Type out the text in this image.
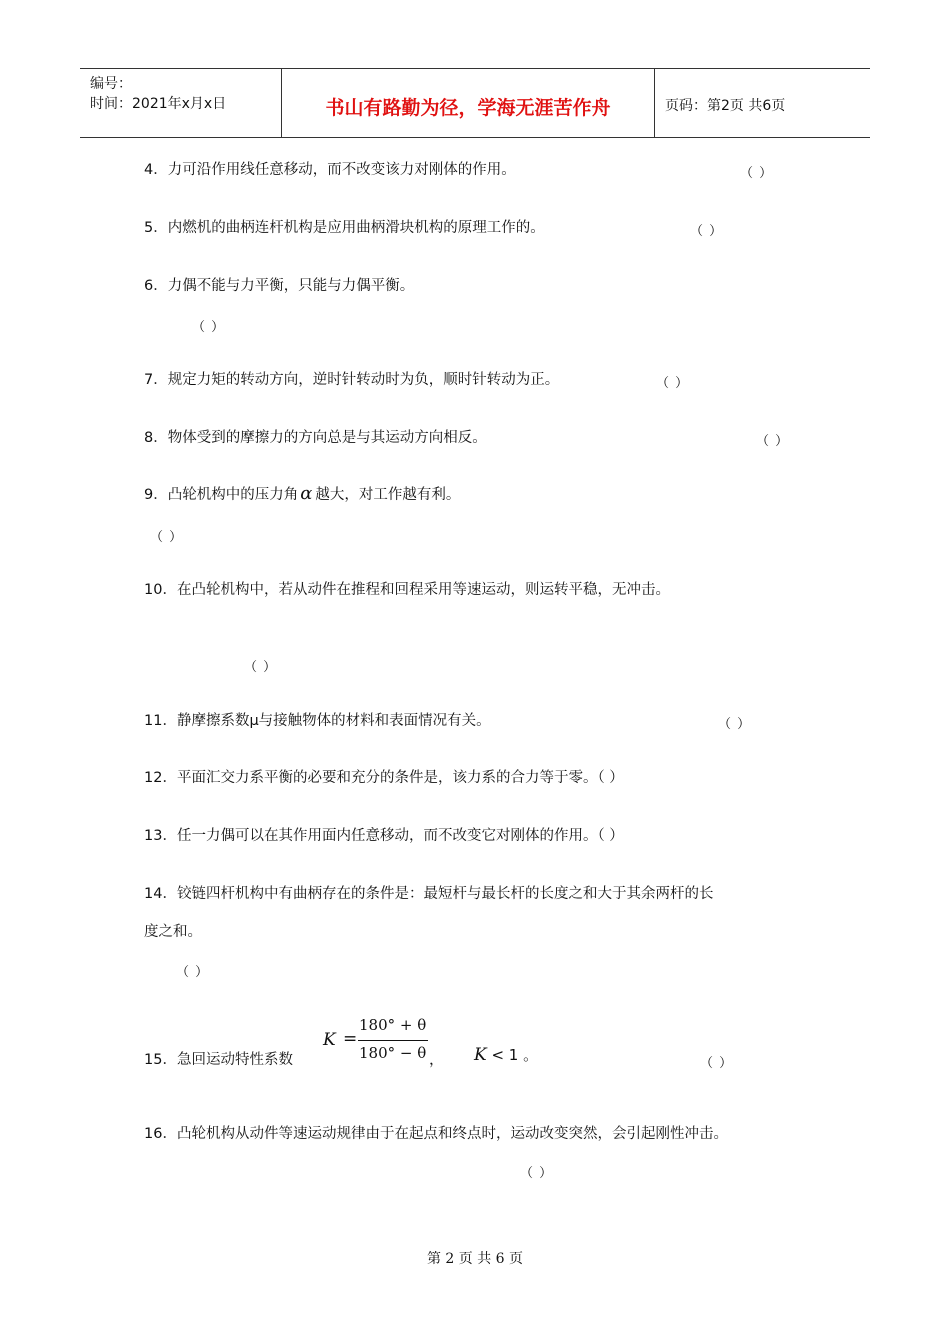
编号：
时间：2021年x月x日	书山有路勤为径，学海无涯苦作舟	页码：第2页 共6页
4．力可沿作用线任意移动，而不改变该力对刚体的作用。	（ ）
5．内燃机的曲柄连杆机构是应用曲柄滑块机构的原理工作的。	（ ）
6．力偶不能与力平衡，只能与力偶平衡。
（ ）
7．规定力矩的转动方向，逆时针转动时为负，顺时针转动为正。	（ ）
8．物体受到的摩擦力的方向总是与其运动方向相反。	（ ）
9．凸轮机构中的压力角 α 越大，对工作越有利。
（ ）
10．在凸轮机构中，若从动件在推程和回程采用等速运动，则运转平稳，无冲击。
（ ）
11．静摩擦系数μ与接触物体的材料和表面情况有关。	（ ）
12．平面汇交力系平衡的必要和充分的条件是，该力系的合力等于零。（ ）
13．任一力偶可以在其作用面内任意移动，而不改变它对刚体的作用。（ ）
14．铰链四杆机构中有曲柄存在的条件是：最短杆与最长杆的长度之和大于其余两杆的长
度之和。
（ ）
15．急回运动特性系数
K =
180° + θ
180° − θ ， K < 1 。	（ ）
16．凸轮机构从动件等速运动规律由于在起点和终点时，运动改变突然，会引起刚性冲击。
（ ）
第 2 页 共 6 页
